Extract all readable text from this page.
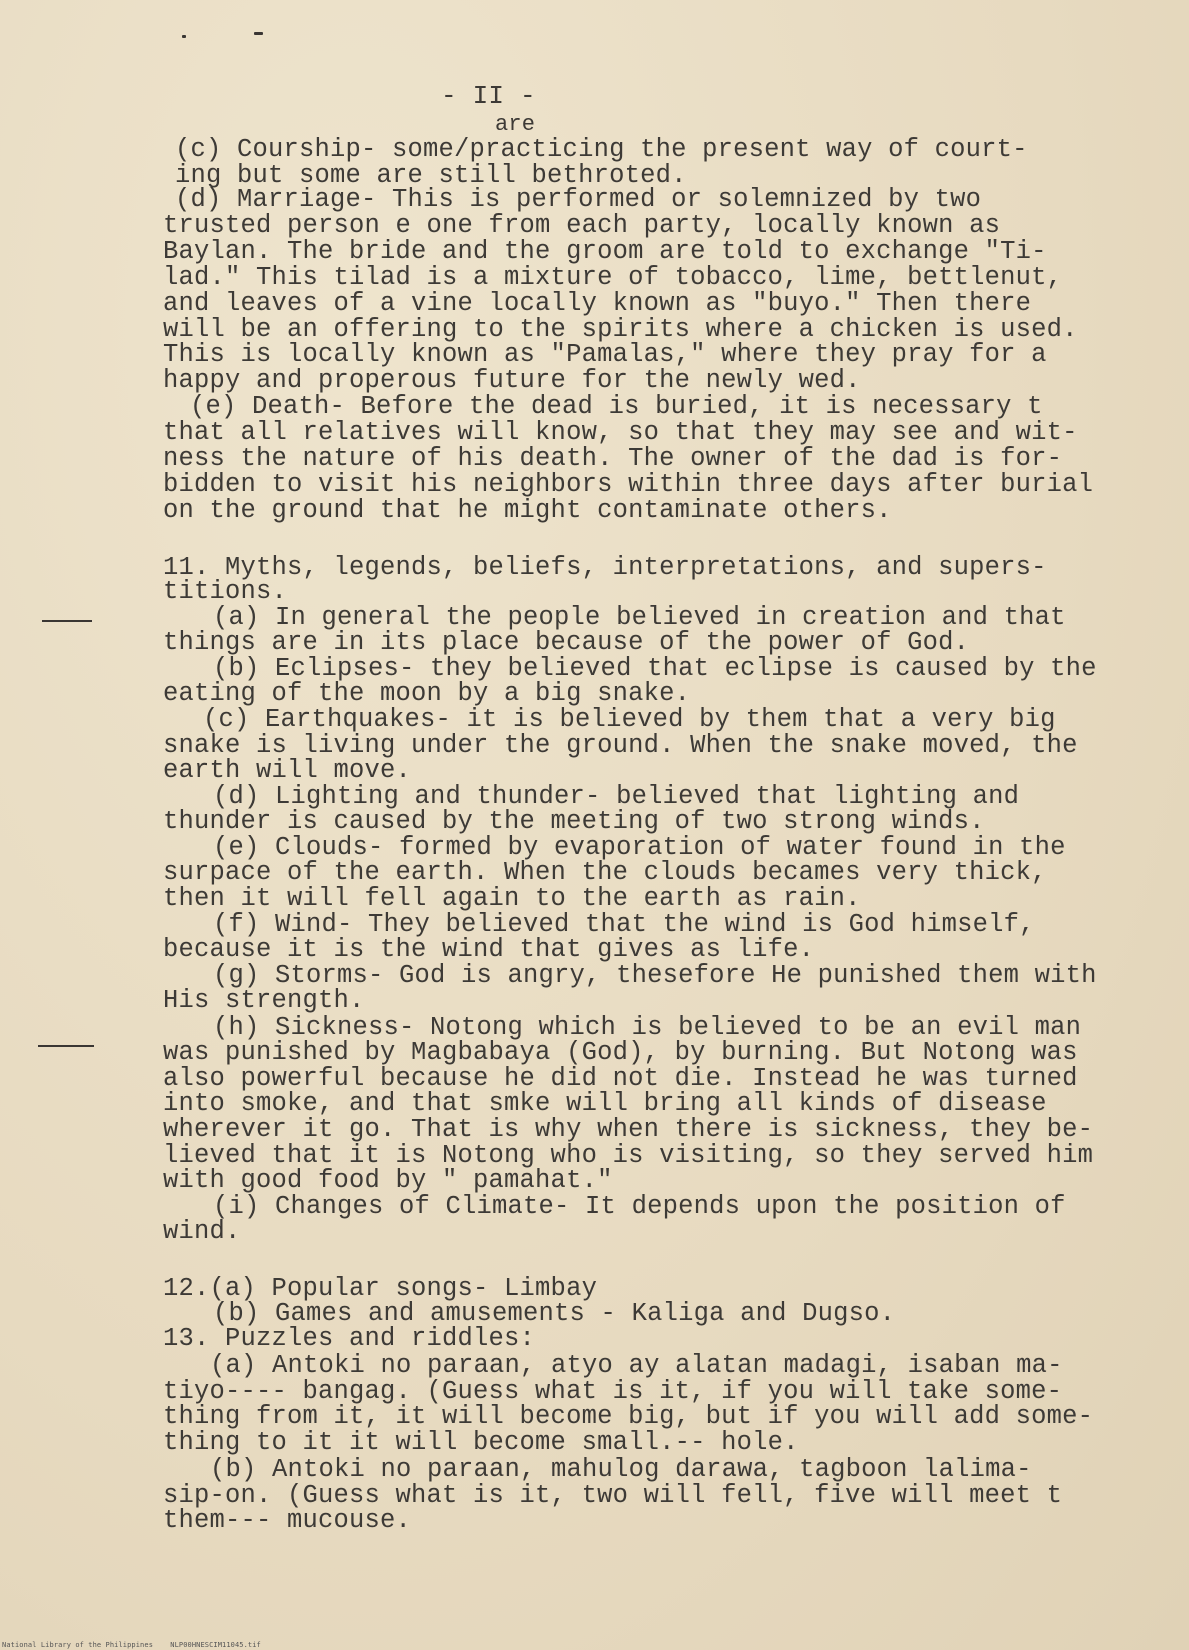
- II -
are
(c) Courship- some/practicing the present way of court-
ing but some are still bethroted.
(d) Marriage- This is performed or solemnized by two
trusted person e one from each party, locally known as
Baylan. The bride and the groom are told to exchange "Ti-
lad." This tilad is a mixture of tobacco, lime, bettlenut,
and leaves of a vine locally known as "buyo." Then there
will be an offering to the spirits where a chicken is used.
This is locally known as "Pamalas," where they pray for a
happy and properous future for the newly wed.
(e) Death- Before the dead is buried, it is necessary t
that all relatives will know, so that they may see and wit-
ness the nature of his death. The owner of the dad is for-
bidden to visit his neighbors within three days after burial
on the ground that he might contaminate others.
11. Myths, legends, beliefs, interpretations, and supers-
titions.
(a) In general the people believed in creation and that
things are in its place because of the power of God.
(b) Eclipses- they believed that eclipse is caused by the
eating of the moon by a big snake.
(c) Earthquakes- it is believed by them that a very big
snake is living under the ground. When the snake moved, the
earth will move.
(d) Lighting and thunder- believed that lighting and
thunder is caused by the meeting of two strong winds.
(e) Clouds- formed by evaporation of water found in the
surpace of the earth. When the clouds becames very thick,
then it will fell again to the earth as rain.
(f) Wind- They believed that the wind is God himself,
because it is the wind that gives as life.
(g) Storms- God is angry, thesefore He punished them with
His strength.
(h) Sickness- Notong which is believed to be an evil man
was punished by Magbabaya (God), by burning. But Notong was
also powerful because he did not die. Instead he was turned
into smoke, and that smke will bring all kinds of disease
wherever it go. That is why when there is sickness, they be-
lieved that it is Notong who is visiting, so they served him
with good food by " pamahat."
(i) Changes of Climate- It depends upon the position of
wind.
12.(a) Popular songs- Limbay
(b) Games and amusements - Kaliga and Dugso.
13. Puzzles and riddles:
(a) Antoki no paraan, atyo ay alatan madagi, isaban ma-
tiyo---- bangag. (Guess what is it, if you will take some-
thing from it, it will become big, but if you will add some-
thing to it it will become small.-- hole.
(b) Antoki no paraan, mahulog darawa, tagboon lalima-
sip-on. (Guess what is it, two will fell, five will meet t
them--- mucouse.
National Library of the Philippines    NLP00HNESCIM11045.tif
